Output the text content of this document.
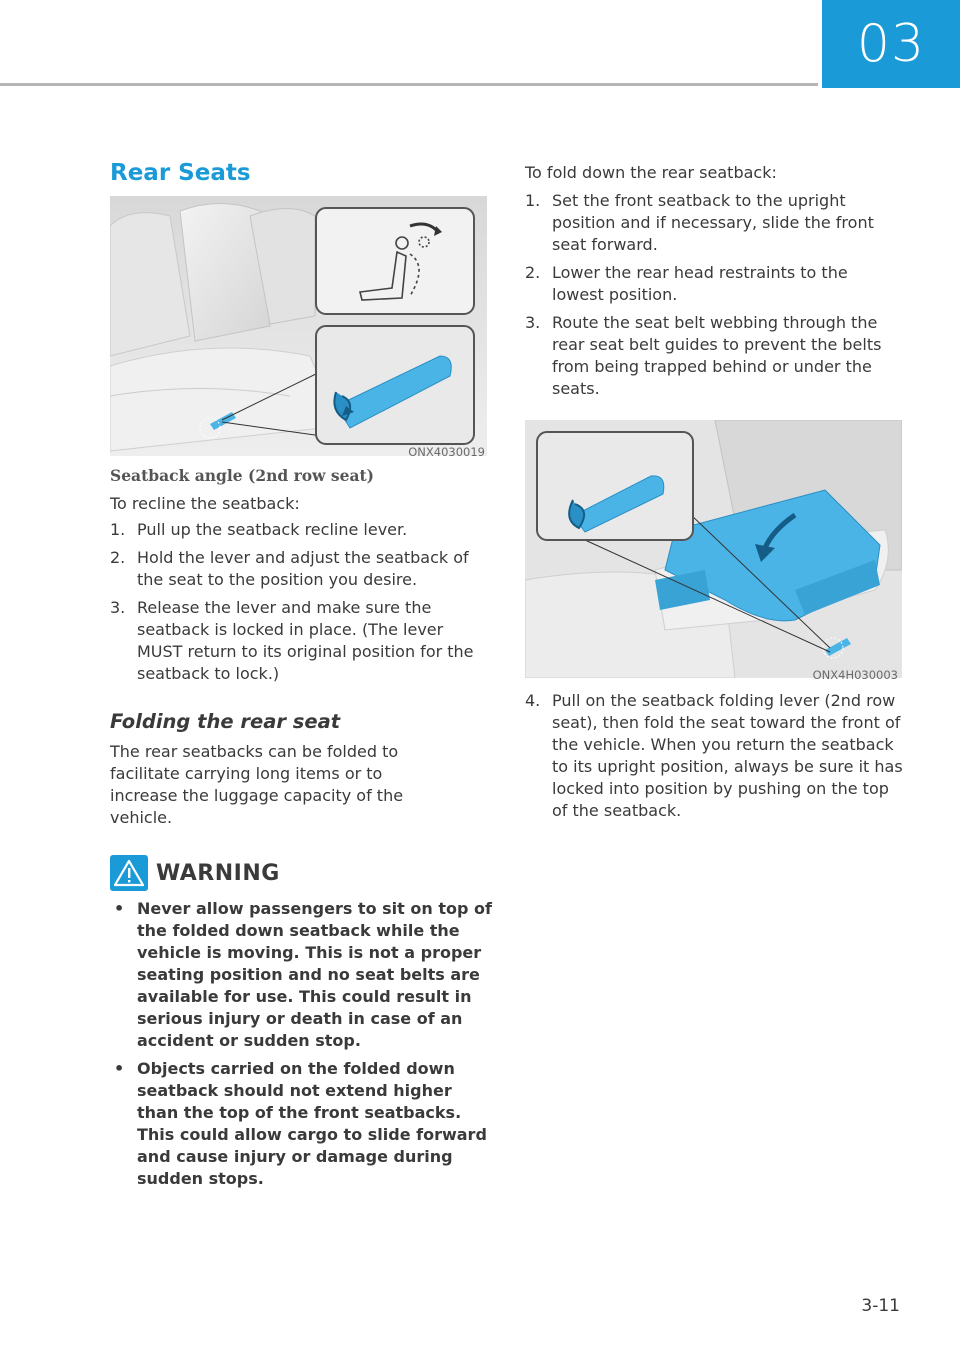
03
Rear Seats
ONX4030019
Seatback angle (2nd row seat)

To recline the seatback:

1. Pull up the seatback recline lever.
2. Hold the lever and adjust the seatback of the seat to the position you desire.
3. Release the lever and make sure the seatback is locked in place. (The lever MUST return to its original position for the seatback to lock.)
Folding the rear seat

The rear seatbacks can be folded to facilitate carrying long items or to increase the luggage capacity of the vehicle.

WARNING
• Never allow passengers to sit on top of the folded down seatback while the vehicle is moving. This is not a proper seating position and no seat belts are available for use. This could result in serious injury or death in case of an accident or sudden stop.
• Objects carried on the folded down seatback should not extend higher than the top of the front seatbacks. This could allow cargo to slide forward and cause injury or damage during sudden stops.

To fold down the rear seatback:

1. Set the front seatback to the upright position and if necessary, slide the front seat forward.
2. Lower the rear head restraints to the lowest position.
3. Route the seat belt webbing through the rear seat belt guides to prevent the belts from being trapped behind or under the seats.
ONX4H030003
4. Pull on the seatback folding lever (2nd row seat), then fold the seat toward the front of the vehicle. When you return the seatback to its upright position, always be sure it has locked into position by pushing on the top of the seatback.
3-11
